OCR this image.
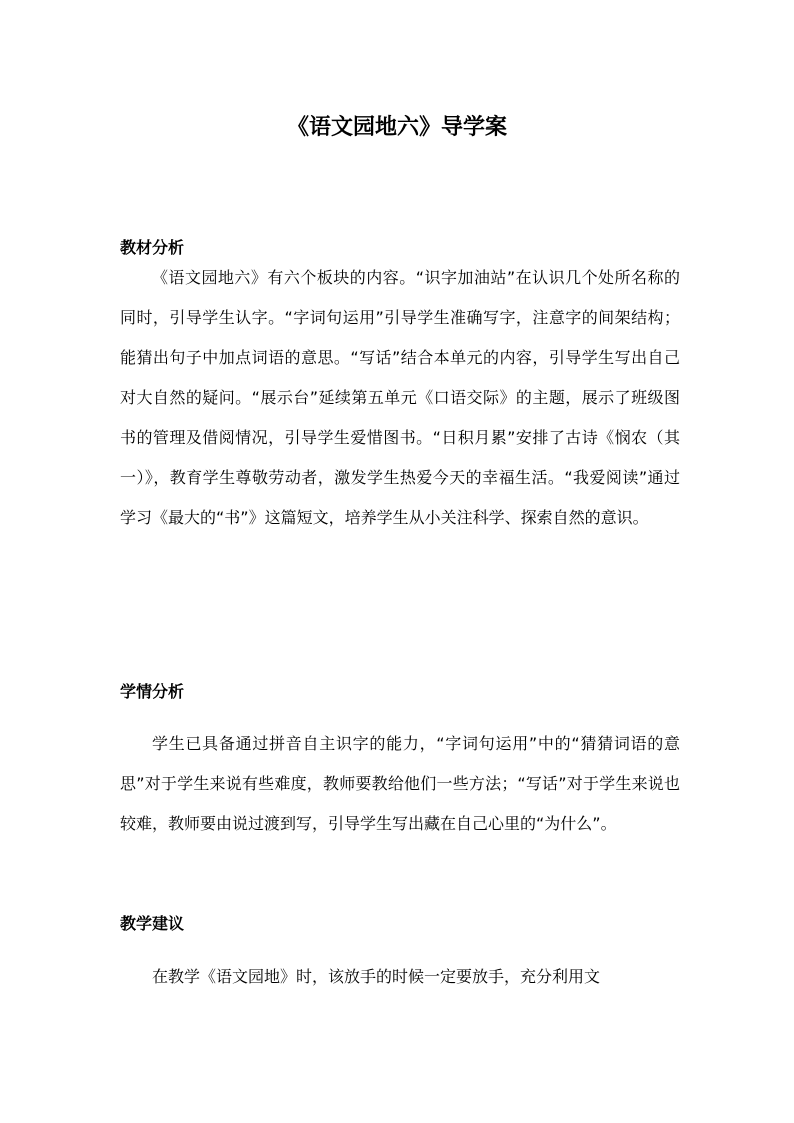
《语文园地六》导学案
教材分析

《语文园地六》有六个板块的内容。“识字加油站”在认识几个处所名称的同时，引导学生认字。“字词句运用”引导学生准确写字，注意字的间架结构；能猜出句子中加点词语的意思。“写话”结合本单元的内容，引导学生写出自己对大自然的疑问。“展示台”延续第五单元《口语交际》的主题，展示了班级图书的管理及借阅情况，引导学生爱惜图书。“日积月累”安排了古诗《悯农（其一）》，教育学生尊敬劳动者，激发学生热爱今天的幸福生活。“我爱阅读”通过学习《最大的“书”》这篇短文，培养学生从小关注科学、探索自然的意识。

学情分析

学生已具备通过拼音自主识字的能力，“字词句运用”中的“猜猜词语的意思”对于学生来说有些难度，教师要教给他们一些方法；“写话”对于学生来说也较难，教师要由说过渡到写，引导学生写出藏在自己心里的“为什么”。

教学建议

在教学《语文园地》时，该放手的时候一定要放手，充分利用文
